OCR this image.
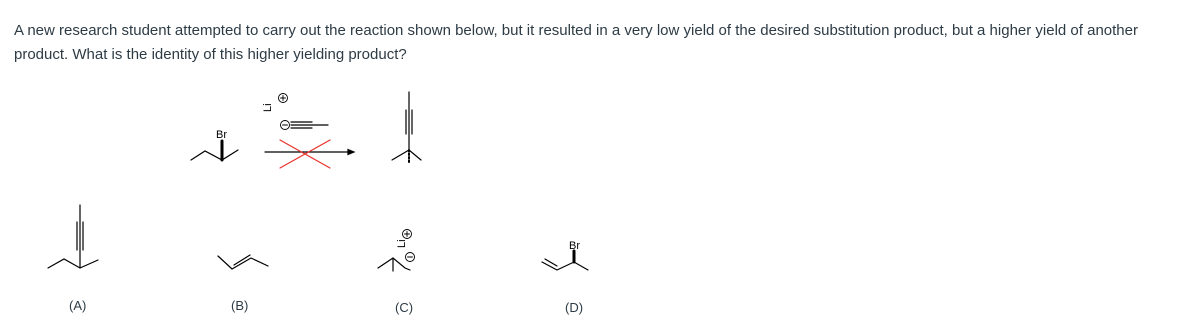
A new research student attempted to carry out the reaction shown below, but it resulted in a very low yield of the desired substitution product, but a higher yield of another product. What is the identity of this higher yielding product?
Br
Li
Li	Br
(A)	(B)	(C)	(D)
